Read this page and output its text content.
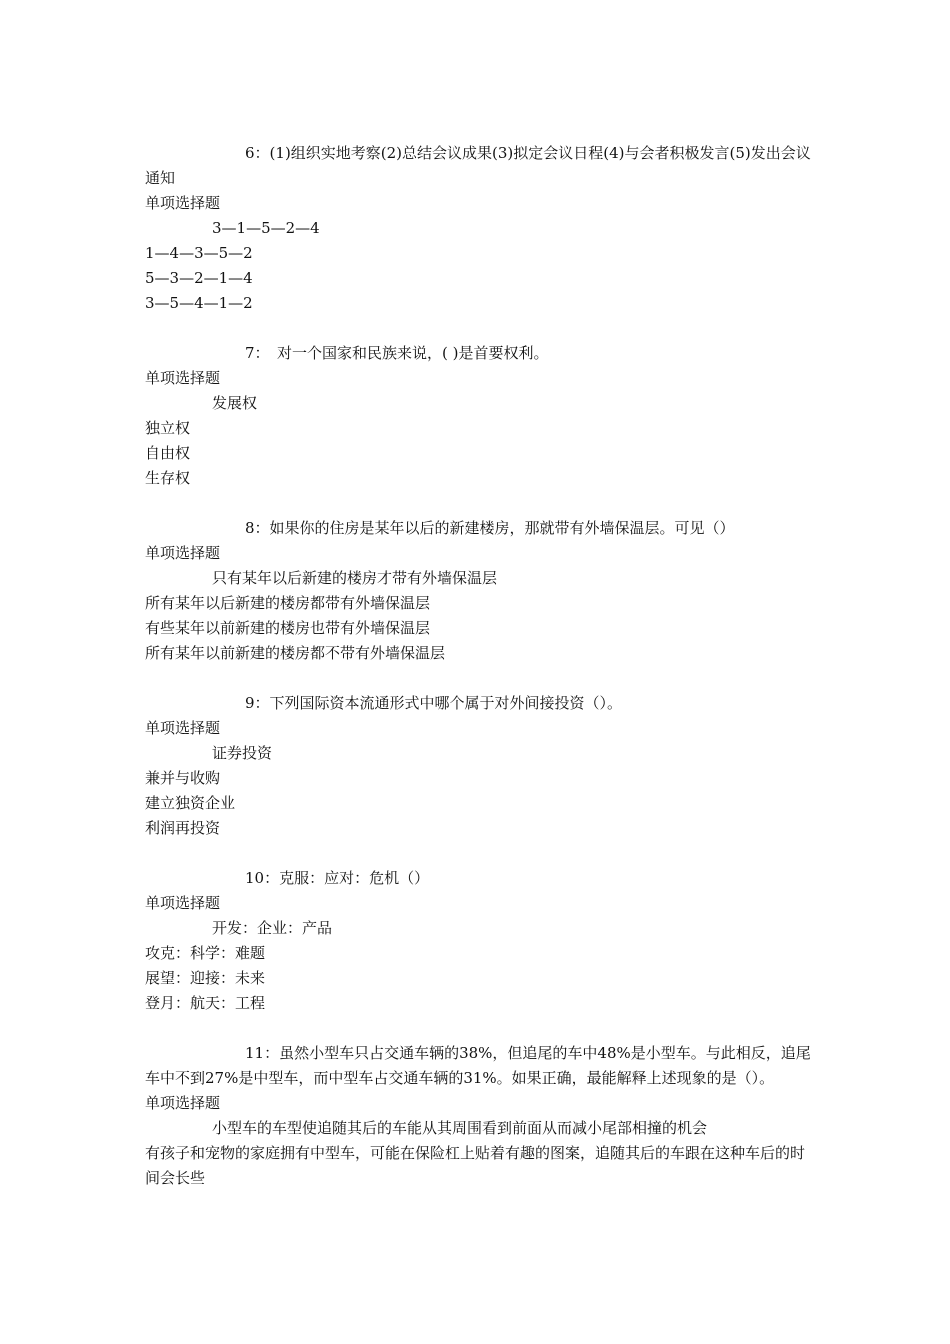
6：(1)组织实地考察(2)总结会议成果(3)拟定会议日程(4)与会者积极发言(5)发出会议通知
单项选择题
3—1—5—2—4
1—4—3—5—2
5—3—2—1—4
3—5—4—1—2
7：　对一个国家和民族来说，( )是首要权利。
单项选择题
发展权
独立权
自由权
生存权
8：如果你的住房是某年以后的新建楼房，那就带有外墙保温层。可见（）
单项选择题
只有某年以后新建的楼房才带有外墙保温层
所有某年以后新建的楼房都带有外墙保温层
有些某年以前新建的楼房也带有外墙保温层
所有某年以前新建的楼房都不带有外墙保温层
9：下列国际资本流通形式中哪个属于对外间接投资（）。
单项选择题
证券投资
兼并与收购
建立独资企业
利润再投资
10：克服：应对：危机（）
单项选择题
开发：企业：产品
攻克：科学：难题
展望：迎接：未来
登月：航天：工程
11：虽然小型车只占交通车辆的38%，但追尾的车中48%是小型车。与此相反，追尾车中不到27%是中型车，而中型车占交通车辆的31%。如果正确，最能解释上述现象的是（）。
单项选择题
小型车的车型使追随其后的车能从其周围看到前面从而减小尾部相撞的机会
有孩子和宠物的家庭拥有中型车，可能在保险杠上贴着有趣的图案，追随其后的车跟在这种车后的时间会长些
